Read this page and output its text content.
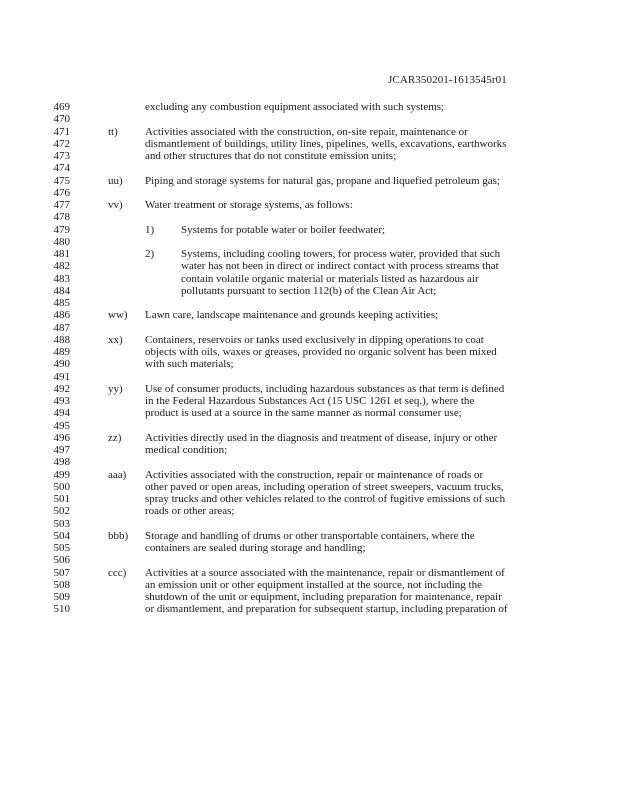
JCAR350201-1613545r01
469	excluding any combustion equipment associated with such systems;
470
471	tt) Activities associated with the construction, on-site repair, maintenance or
472	dismantlement of buildings, utility lines, pipelines, wells, excavations, earthworks
473	and other structures that do not constitute emission units;
474
475	uu) Piping and storage systems for natural gas, propane and liquefied petroleum gas;
476
477	vv) Water treatment or storage systems, as follows:
478
479	1) Systems for potable water or boiler feedwater;
480
481	2) Systems, including cooling towers, for process water, provided that such
482	water has not been in direct or indirect contact with process streams that
483	contain volatile organic material or materials listed as hazardous air
484	pollutants pursuant to section 112(b) of the Clean Air Act;
485
486	ww) Lawn care, landscape maintenance and grounds keeping activities;
487
488	xx) Containers, reservoirs or tanks used exclusively in dipping operations to coat
489	objects with oils, waxes or greases, provided no organic solvent has been mixed
490	with such materials;
491
492	yy) Use of consumer products, including hazardous substances as that term is defined
493	in the Federal Hazardous Substances Act (15 USC 1261 et seq.), where the
494	product is used at a source in the same manner as normal consumer use;
495
496	zz) Activities directly used in the diagnosis and treatment of disease, injury or other
497	medical condition;
498
499	aaa) Activities associated with the construction, repair or maintenance of roads or
500	other paved or open areas, including operation of street sweepers, vacuum trucks,
501	spray trucks and other vehicles related to the control of fugitive emissions of such
502	roads or other areas;
503
504	bbb) Storage and handling of drums or other transportable containers, where the
505	containers are sealed during storage and handling;
506
507	ccc) Activities at a source associated with the maintenance, repair or dismantlement of
508	an emission unit or other equipment installed at the source, not including the
509	shutdown of the unit or equipment, including preparation for maintenance, repair
510	or dismantlement, and preparation for subsequent startup, including preparation of
